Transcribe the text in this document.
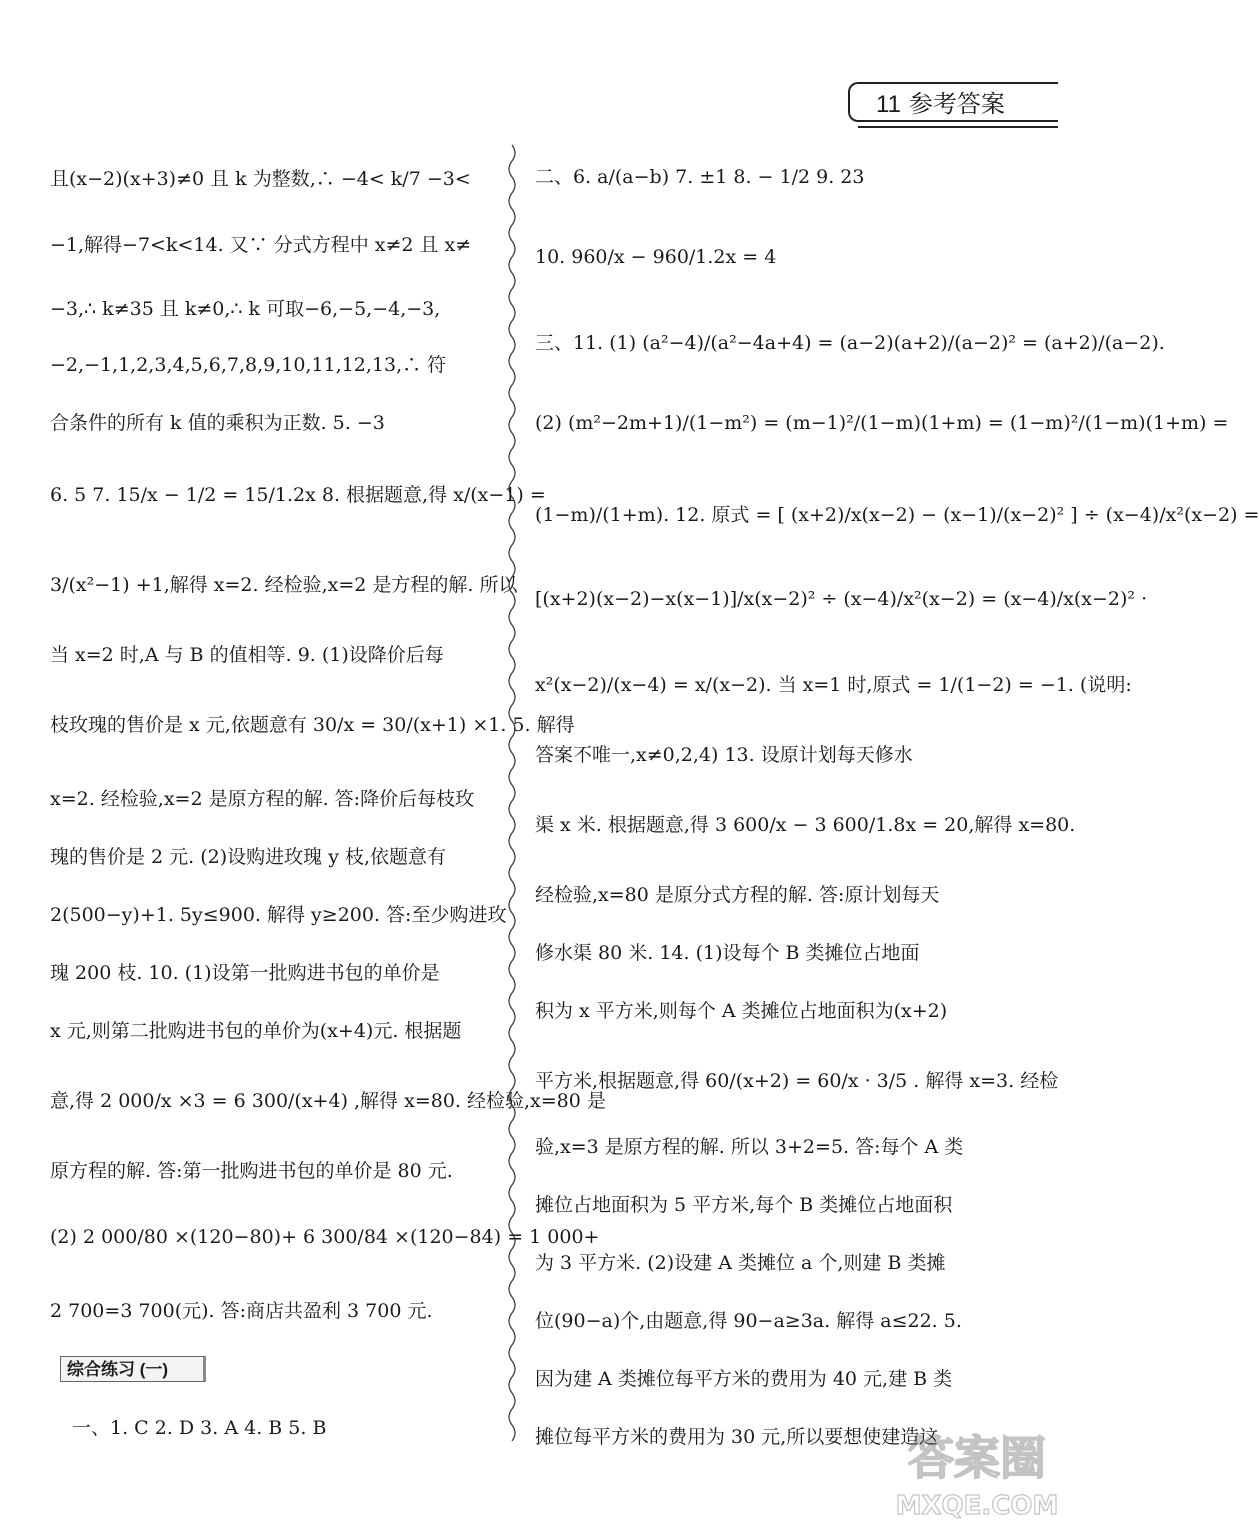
11 参考答案
且(x−2)(x+3)≠0 且 k 为整数,∴ −4< k/7 −3<
−1,解得−7<k<14. 又∵ 分式方程中 x≠2 且 x≠
−3,∴ k≠35 且 k≠0,∴ k 可取−6,−5,−4,−3,
−2,−1,1,2,3,4,5,6,7,8,9,10,11,12,13,∴ 符
合条件的所有 k 值的乘积为正数. 5. −3
6. 5 7. 15/x − 1/2 = 15/1.2x 8. 根据题意,得 x/(x−1) =
3/(x²−1) +1,解得 x=2. 经检验,x=2 是方程的解. 所以
当 x=2 时,A 与 B 的值相等. 9. (1)设降价后每
枝玫瑰的售价是 x 元,依题意有 30/x = 30/(x+1) ×1. 5. 解得
x=2. 经检验,x=2 是原方程的解. 答:降价后每枝玫
瑰的售价是 2 元. (2)设购进玫瑰 y 枝,依题意有
2(500−y)+1. 5y≤900. 解得 y≥200. 答:至少购进玫
瑰 200 枝. 10. (1)设第一批购进书包的单价是
x 元,则第二批购进书包的单价为(x+4)元. 根据题
意,得 2 000/x ×3 = 6 300/(x+4) ,解得 x=80. 经检验,x=80 是
原方程的解. 答:第一批购进书包的单价是 80 元.
(2) 2 000/80 ×(120−80)+ 6 300/84 ×(120−84) = 1 000+
2 700=3 700(元). 答:商店共盈利 3 700 元.
综合练习 (一)
一、1. C 2. D 3. A 4. B 5. B
二、6. a/(a−b) 7. ±1 8. − 1/2 9. 23
10. 960/x − 960/1.2x = 4
三、11. (1) (a²−4)/(a²−4a+4) = (a−2)(a+2)/(a−2)² = (a+2)/(a−2).
(2) (m²−2m+1)/(1−m²) = (m−1)²/(1−m)(1+m) = (1−m)²/(1−m)(1+m) =
(1−m)/(1+m). 12. 原式 = [ (x+2)/x(x−2) − (x−1)/(x−2)² ] ÷ (x−4)/x²(x−2) =
[(x+2)(x−2)−x(x−1)]/x(x−2)² ÷ (x−4)/x²(x−2) = (x−4)/x(x−2)² ·
x²(x−2)/(x−4) = x/(x−2). 当 x=1 时,原式 = 1/(1−2) = −1. (说明:
答案不唯一,x≠0,2,4) 13. 设原计划每天修水
渠 x 米. 根据题意,得 3 600/x − 3 600/1.8x = 20,解得 x=80.
经检验,x=80 是原分式方程的解. 答:原计划每天
修水渠 80 米. 14. (1)设每个 B 类摊位占地面
积为 x 平方米,则每个 A 类摊位占地面积为(x+2)
平方米,根据题意,得 60/(x+2) = 60/x · 3/5 . 解得 x=3. 经检
验,x=3 是原方程的解. 所以 3+2=5. 答:每个 A 类
摊位占地面积为 5 平方米,每个 B 类摊位占地面积
为 3 平方米. (2)设建 A 类摊位 a 个,则建 B 类摊
位(90−a)个,由题意,得 90−a≥3a. 解得 a≤22. 5.
因为建 A 类摊位每平方米的费用为 40 元,建 B 类
摊位每平方米的费用为 30 元,所以要想使建造这
答案圈
MXQE.COM
